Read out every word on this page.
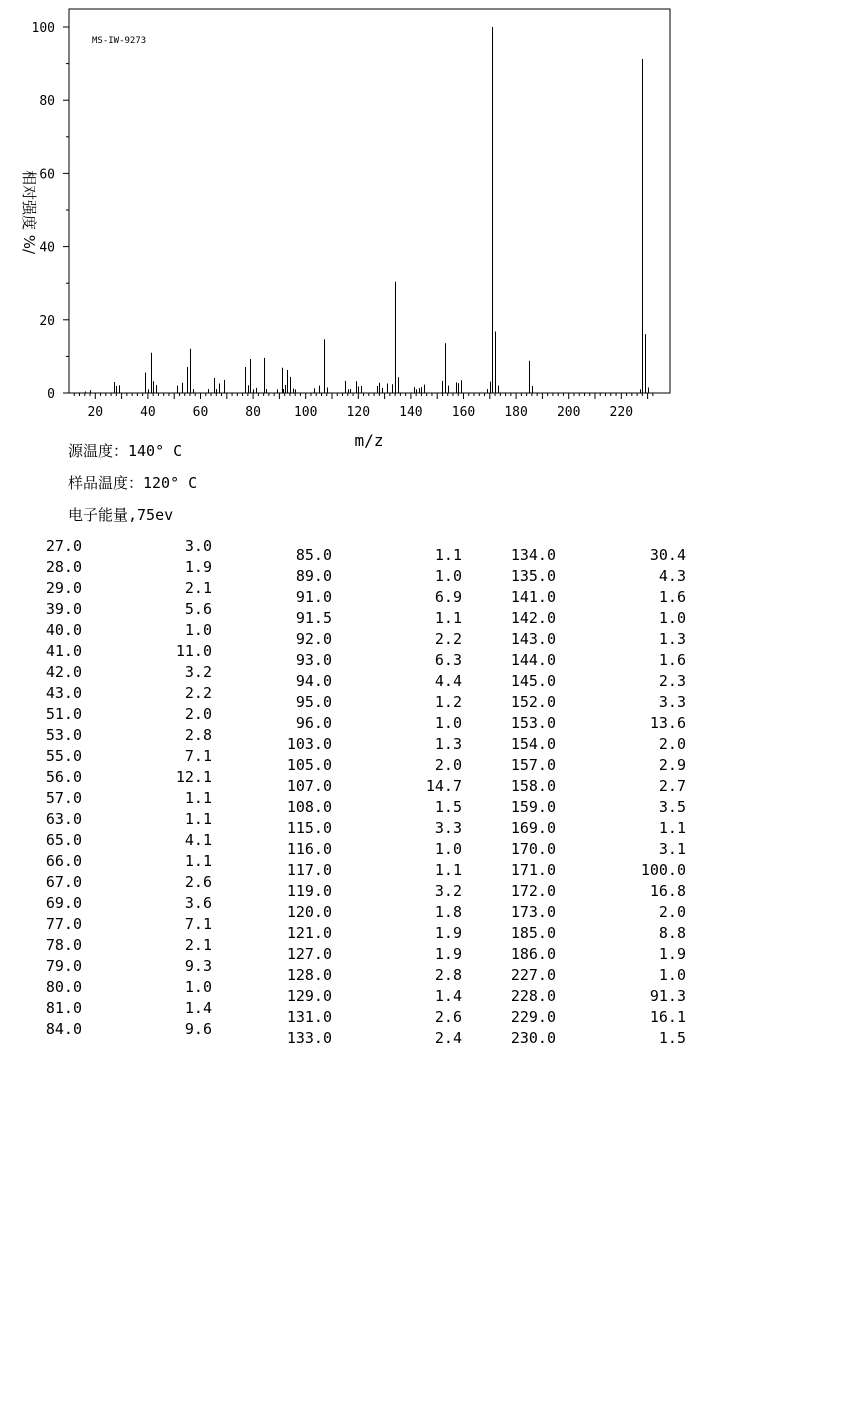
20	40	60	80	100 120 140 160 180 200 220
0
20
40
60
80
100
MS-IW-9273
m/z
相对强度 %/
源温度：140° C
样品温度：120° C
电子能量,75ev
27.0	3.0
28.0	1.9
29.0	2.1
39.0	5.6
40.0	1.0
41.0	11.0
42.0	3.2
43.0	2.2
51.0	2.0
53.0	2.8
55.0	7.1
56.0	12.1
57.0	1.1
63.0	1.1
65.0	4.1
66.0	1.1
67.0	2.6
69.0	3.6
77.0	7.1
78.0	2.1
79.0	9.3
80.0	1.0
81.0	1.4
84.0	9.6
85.0	1.1
89.0	1.0
91.0	6.9
91.5	1.1
92.0	2.2
93.0	6.3
94.0	4.4
95.0	1.2
96.0	1.0
103.0	1.3
105.0	2.0
107.0	14.7
108.0	1.5
115.0	3.3
116.0	1.0
117.0	1.1
119.0	3.2
120.0	1.8
121.0	1.9
127.0	1.9
128.0	2.8
129.0	1.4
131.0	2.6
133.0	2.4
134.0	30.4
135.0	4.3
141.0	1.6
142.0	1.0
143.0	1.3
144.0	1.6
145.0	2.3
152.0	3.3
153.0	13.6
154.0	2.0
157.0	2.9
158.0	2.7
159.0	3.5
169.0	1.1
170.0	3.1
171.0	100.0
172.0	16.8
173.0	2.0
185.0	8.8
186.0	1.9
227.0	1.0
228.0	91.3
229.0	16.1
230.0	1.5
